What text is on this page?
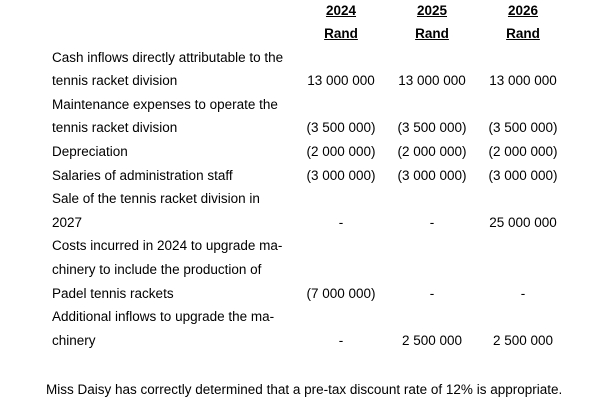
2024	2025	2026
Rand	Rand	Rand
Cash inflows directly attributable to the
tennis racket division	13 000 000	13 000 000	13 000 000
Maintenance expenses to operate the
tennis racket division	(3 500 000)	(3 500 000)	(3 500 000)
Depreciation	(2 000 000)	(2 000 000)	(2 000 000)
Salaries of administration staff	(3 000 000)	(3 000 000)	(3 000 000)
Sale of the tennis racket division in
2027	-	-	25 000 000
Costs incurred in 2024 to upgrade ma-
chinery to include the production of
Padel tennis rackets	(7 000 000)	-	-
Additional inflows to upgrade the ma-
chinery	-	2 500 000	2 500 000
Miss Daisy has correctly determined that a pre-tax discount rate of 12% is appropriate.
